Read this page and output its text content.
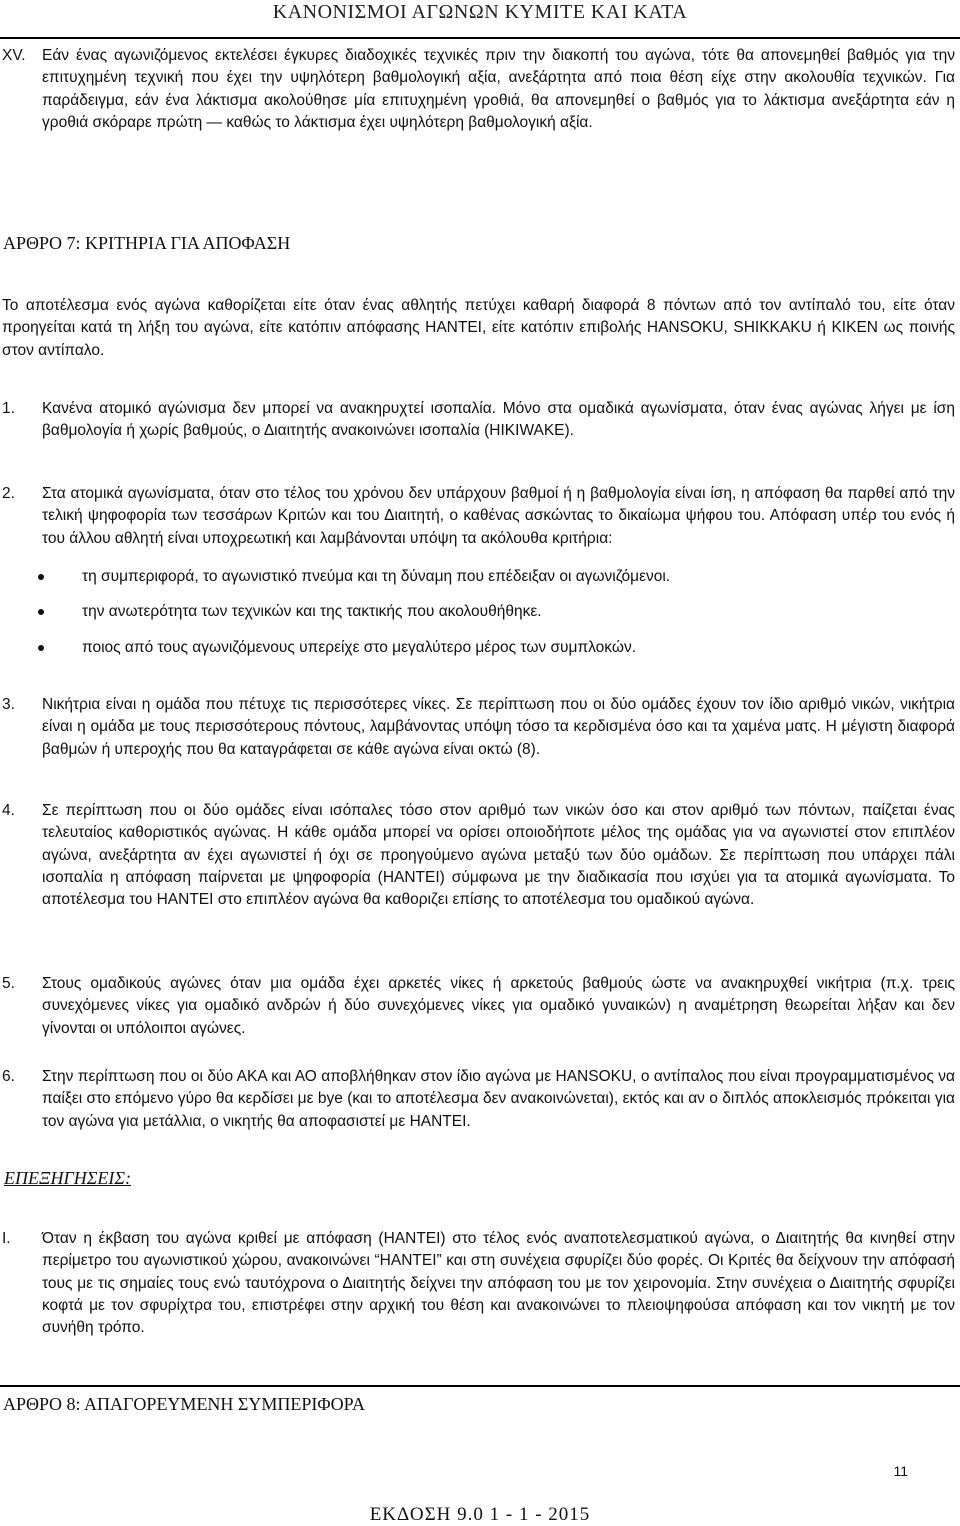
ΚΑΝΟΝΙΣΜΟΙ ΑΓΩΝΩΝ ΚΥΜΙΤΕ ΚΑΙ ΚΑΤΑ
XV. Εάν ένας αγωνιζόμενος εκτελέσει έγκυρες διαδοχικές τεχνικές πριν την διακοπή του αγώνα, τότε θα απονεμηθεί βαθμός για την επιτυχημένη τεχνική που έχει την υψηλότερη βαθμολογική αξία, ανεξάρτητα από ποια θέση είχε στην ακολουθία τεχνικών. Για παράδειγμα, εάν ένα λάκτισμα ακολούθησε μία επιτυχημένη γροθιά, θα απονεμηθεί ο βαθμός για το λάκτισμα ανεξάρτητα εάν η γροθιά σκόραρε πρώτη — καθώς το λάκτισμα έχει υψηλότερη βαθμολογική αξία.
ΑΡΘΡΟ 7: ΚΡΙΤΗΡΙΑ ΓΙΑ ΑΠΟΦΑΣΗ
Το αποτέλεσμα ενός αγώνα καθορίζεται είτε όταν ένας αθλητής πετύχει καθαρή διαφορά 8 πόντων από τον αντίπαλό του, είτε όταν προηγείται κατά τη λήξη του αγώνα, είτε κατόπιν απόφασης HANTEI, είτε κατόπιν επιβολής HANSOKU, SHIKKAKU ή KIKEN ως ποινής στον αντίπαλο.
1. Κανένα ατομικό αγώνισμα δεν μπορεί να ανακηρυχτεί ισοπαλία. Μόνο στα ομαδικά αγωνίσματα, όταν ένας αγώνας λήγει με ίση βαθμολογία ή χωρίς βαθμούς, ο Διαιτητής ανακοινώνει ισοπαλία (HIKIWAKE).
2. Στα ατομικά αγωνίσματα, όταν στο τέλος του χρόνου δεν υπάρχουν βαθμοί ή η βαθμολογία είναι ίση, η απόφαση θα παρθεί από την τελική ψηφοφορία των τεσσάρων Κριτών και του Διαιτητή, ο καθένας ασκώντας το δικαίωμα ψήφου του. Απόφαση υπέρ του ενός ή του άλλου αθλητή είναι υποχρεωτική και λαμβάνονται υπόψη τα ακόλουθα κριτήρια:
τη συμπεριφορά, το αγωνιστικό πνεύμα και τη δύναμη που επέδειξαν οι αγωνιζόμενοι.
την ανωτερότητα των τεχνικών και της τακτικής που ακολουθήθηκε.
ποιος από τους αγωνιζόμενους υπερείχε στο μεγαλύτερο μέρος των συμπλοκών.
3. Νικήτρια είναι η ομάδα που πέτυχε τις περισσότερες νίκες. Σε περίπτωση που οι δύο ομάδες έχουν τον ίδιο αριθμό νικών, νικήτρια είναι η ομάδα με τους περισσότερους πόντους, λαμβάνοντας υπόψη τόσο τα κερδισμένα όσο και τα χαμένα ματς. Η μέγιστη διαφορά βαθμών ή υπεροχής που θα καταγράφεται σε κάθε αγώνα είναι οκτώ (8).
4. Σε περίπτωση που οι δύο ομάδες είναι ισόπαλες τόσο στον αριθμό των νικών όσο και στον αριθμό των πόντων, παίζεται ένας τελευταίος καθοριστικός αγώνας. Η κάθε ομάδα μπορεί να ορίσει οποιοδήποτε μέλος της ομάδας για να αγωνιστεί στον επιπλέον αγώνα, ανεξάρτητα αν έχει αγωνιστεί ή όχι σε προηγούμενο αγώνα μεταξύ των δύο ομάδων. Σε περίπτωση που υπάρχει πάλι ισοπαλία η απόφαση παίρνεται με ψηφοφορία (HANTEI) σύμφωνα με την διαδικασία που ισχύει για τα ατομικά αγωνίσματα. Το αποτέλεσμα του HANTEI στο επιπλέον αγώνα θα καθοριζει επίσης το αποτέλεσμα του ομαδικού αγώνα.
5. Στους ομαδικούς αγώνες όταν μια ομάδα έχει αρκετές νίκες ή αρκετούς βαθμούς ώστε να ανακηρυχθεί νικήτρια (π.χ. τρεις συνεχόμενες νίκες για ομαδικό ανδρών ή δύο συνεχόμενες νίκες για ομαδικό γυναικών) η αναμέτρηση θεωρείται λήξαν και δεν γίνονται οι υπόλοιποι αγώνες.
6. Στην περίπτωση που οι δύο ΑΚΑ και ΑΟ αποβλήθηκαν στον ίδιο αγώνα με HANSOKU, ο αντίπαλος που είναι προγραμματισμένος να παίξει στο επόμενο γύρο θα κερδίσει με bye (και το αποτέλεσμα δεν ανακοινώνεται), εκτός και αν ο διπλός αποκλεισμός πρόκειται για τον αγώνα για μετάλλια, ο νικητής θα αποφασιστεί με HANTEI.
ΕΠΕΞΗΓΗΣΕΙΣ:
I. Όταν η έκβαση του αγώνα κριθεί με απόφαση (HANTEI) στο τέλος ενός αναποτελεσματικού αγώνα, ο Διαιτητής θα κινηθεί στην περίμετρο του αγωνιστικού χώρου, ανακοινώνει “HANTEI” και στη συνέχεια σφυρίζει δύο φορές. Οι Κριτές θα δείχνουν την απόφασή τους με τις σημαίες τους ενώ ταυτόχρονα ο Διαιτητής δείχνει την απόφαση του με τον χειρονομία. Στην συνέχεια ο Διαιτητής σφυρίζει κοφτά με τον σφυρίχτρα του, επιστρέφει στην αρχική του θέση και ανακοινώνει το πλειοψηφούσα απόφαση και τον νικητή με τον συνήθη τρόπο.
ΑΡΘΡΟ 8: ΑΠΑΓΟΡΕΥΜΕΝΗ ΣΥΜΠΕΡΙΦΟΡΑ
11
ΕΚΔΟΣΗ 9.0 1 - 1 - 2015
